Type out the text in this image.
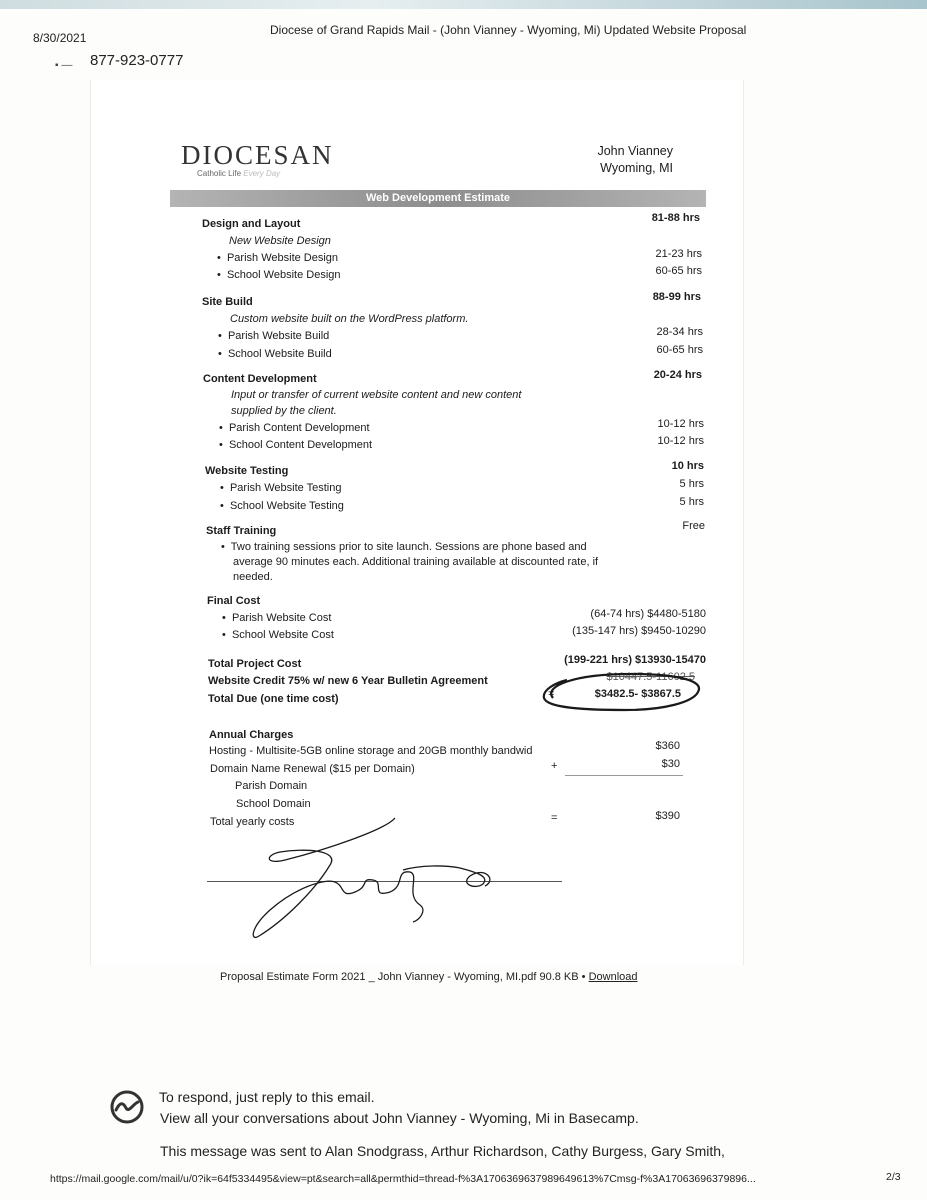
8/30/2021
Diocese of Grand Rapids Mail - (John Vianney - Wyoming, Mi) Updated Website Proposal
▪ –– 877-923-0777
DIOCESAN
Catholic Life Every Day
John Vianney
Wyoming, MI
Web Development Estimate
Design and Layout	81-88 hrs
New Website Design
•  Parish Website Design	21-23 hrs
•  School Website Design	60-65 hrs
Site Build	88-99 hrs
Custom website built on the WordPress platform.
•  Parish Website Build	28-34 hrs
•  School Website Build	60-65 hrs
Content Development	20-24 hrs
Input or transfer of current website content and new content
supplied by the client.
•  Parish Content Development	10-12 hrs
•  School Content Development	10-12 hrs
Website Testing	10 hrs
•  Parish Website Testing	5 hrs
•  School Website Testing	5 hrs
Staff Training	Free
•  Two training sessions prior to site launch. Sessions are phone based and
average 90 minutes each. Additional training available at discounted rate, if
needed.
Final Cost
•  Parish Website Cost	(64-74 hrs) $4480-5180
•  School Website Cost	(135-147 hrs) $9450-10290
Total Project Cost	(199-221 hrs) $13930-15470
Website Credit 75% w/ new 6 Year Bulletin Agreement	$10447.5-11602.5
Total Due (one time cost)	=	$3482.5- $3867.5
Annual Charges
Hosting - Multisite-5GB online storage and 20GB monthly bandwid	$360
Domain Name Renewal ($15 per Domain)	+	$30
Parish Domain
School Domain
Total yearly costs	=	$390
Proposal Estimate Form 2021 _ John Vianney - Wyoming, MI.pdf 90.8 KB • Download
To respond, just reply to this email.
View all your conversations about John Vianney - Wyoming, Mi in Basecamp.
This message was sent to Alan Snodgrass, Arthur Richardson, Cathy Burgess, Gary Smith,
https://mail.google.com/mail/u/0?ik=64f5334495&view=pt&search=all&permthid=thread-f%3A1706369637989649613%7Cmsg-f%3A17063696379896...	2/3
